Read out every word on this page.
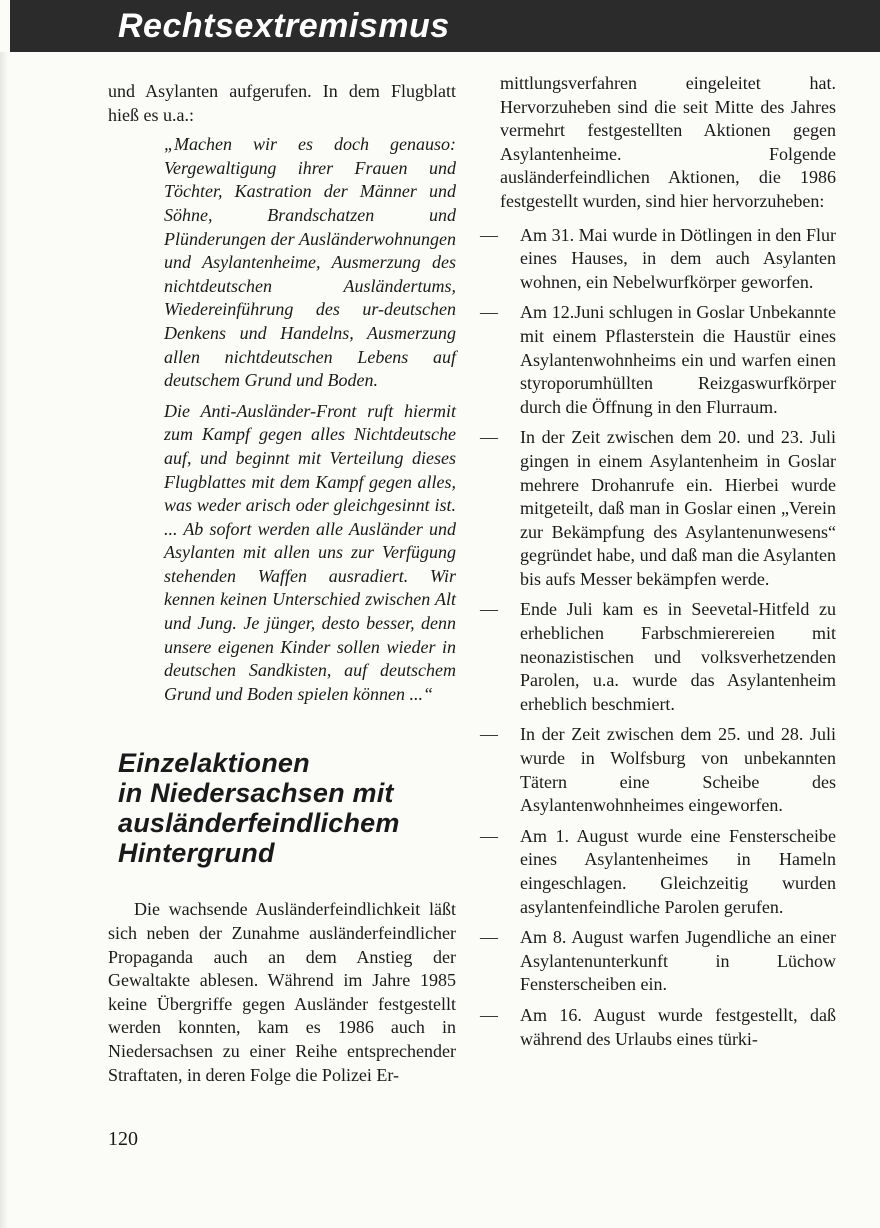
Rechtsextremismus

und Asylanten aufgerufen. In dem Flugblatt hieß es u.a.:

„Machen wir es doch genauso: Vergewaltigung ihrer Frauen und Töchter, Kastration der Männer und Söhne, Brandschatzen und Plünderungen der Ausländerwohnungen und Asylantenheime, Ausmerzung des nichtdeutschen Ausländertums, Wiedereinführung des ur-deutschen Denkens und Handelns, Ausmerzung allen nichtdeutschen Lebens auf deutschem Grund und Boden.

Die Anti-Ausländer-Front ruft hiermit zum Kampf gegen alles Nichtdeutsche auf, und beginnt mit Verteilung dieses Flugblattes mit dem Kampf gegen alles, was weder arisch oder gleichgesinnt ist. ... Ab sofort werden alle Ausländer und Asylanten mit allen uns zur Verfügung stehenden Waffen ausradiert. Wir kennen keinen Unterschied zwischen Alt und Jung. Je jünger, desto besser, denn unsere eigenen Kinder sollen wieder in deutschen Sandkisten, auf deutschem Grund und Boden spielen können ...“

Einzelaktionen
in Niedersachsen mit
ausländerfeindlichem
Hintergrund

Die wachsende Ausländerfeindlichkeit läßt sich neben der Zunahme ausländerfeindlicher Propaganda auch an dem Anstieg der Gewaltakte ablesen. Während im Jahre 1985 keine Übergriffe gegen Ausländer festgestellt werden konnten, kam es 1986 auch in Niedersachsen zu einer Reihe entsprechender Straftaten, in deren Folge die Polizei Er-

mittlungsverfahren eingeleitet hat. Hervorzuheben sind die seit Mitte des Jahres vermehrt festgestellten Aktionen gegen Asylantenheime. Folgende ausländerfeindlichen Aktionen, die 1986 festgestellt wurden, sind hier hervorzuheben:

— Am 31. Mai wurde in Dötlingen in den Flur eines Hauses, in dem auch Asylanten wohnen, ein Nebelwurfkörper geworfen.
— Am 12.Juni schlugen in Goslar Unbekannte mit einem Pflasterstein die Haustür eines Asylantenwohnheims ein und warfen einen styroporumhüllten Reizgaswurfkörper durch die Öffnung in den Flurraum.
— In der Zeit zwischen dem 20. und 23. Juli gingen in einem Asylantenheim in Goslar mehrere Drohanrufe ein. Hierbei wurde mitgeteilt, daß man in Goslar einen „Verein zur Bekämpfung des Asylantenunwesens“ gegründet habe, und daß man die Asylanten bis aufs Messer bekämpfen werde.
— Ende Juli kam es in Seevetal-Hitfeld zu erheblichen Farbschmierereien mit neonazistischen und volksverhetzenden Parolen, u.a. wurde das Asylantenheim erheblich beschmiert.
— In der Zeit zwischen dem 25. und 28. Juli wurde in Wolfsburg von unbekannten Tätern eine Scheibe des Asylantenwohnheimes eingeworfen.
— Am 1. August wurde eine Fensterscheibe eines Asylantenheimes in Hameln eingeschlagen. Gleichzeitig wurden asylantenfeindliche Parolen gerufen.
— Am 8. August warfen Jugendliche an einer Asylantenunterkunft in Lüchow Fensterscheiben ein.
— Am 16. August wurde festgestellt, daß während des Urlaubs eines türki-
120
